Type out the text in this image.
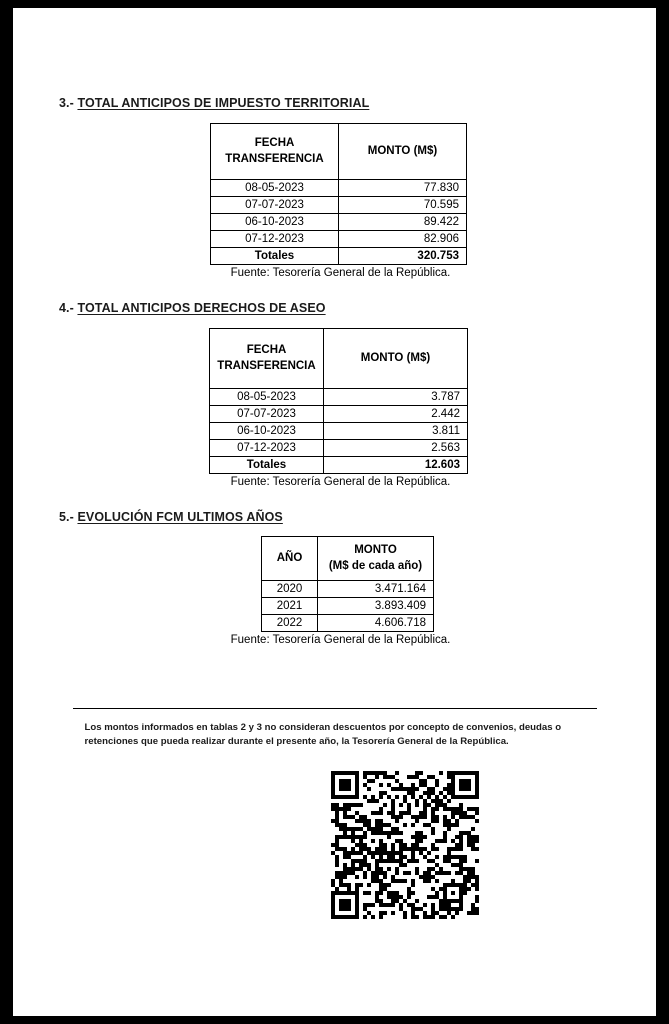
3.- TOTAL ANTICIPOS DE IMPUESTO TERRITORIAL
FECHA TRANSFERENCIA	MONTO (M$)
08-05-2023	77.830
07-07-2023	70.595
06-10-2023	89.422
07-12-2023	82.906
Totales	320.753
Fuente: Tesorería General de la República.
4.- TOTAL ANTICIPOS DERECHOS DE ASEO
FECHA TRANSFERENCIA	MONTO (M$)
08-05-2023	3.787
07-07-2023	2.442
06-10-2023	3.811
07-12-2023	2.563
Totales	12.603
Fuente: Tesorería General de la República.
5.- EVOLUCIÓN FCM ULTIMOS AÑOS
AÑO	MONTO
(M$ de cada año)

2020	3.471.164
2021	3.893.409
2022	4.606.718
Fuente: Tesorería General de la República.
Los montos informados en tablas 2 y 3 no consideran descuentos por concepto de convenios, deudas o retenciones que pueda realizar durante el presente año, la Tesorería General de la República.
